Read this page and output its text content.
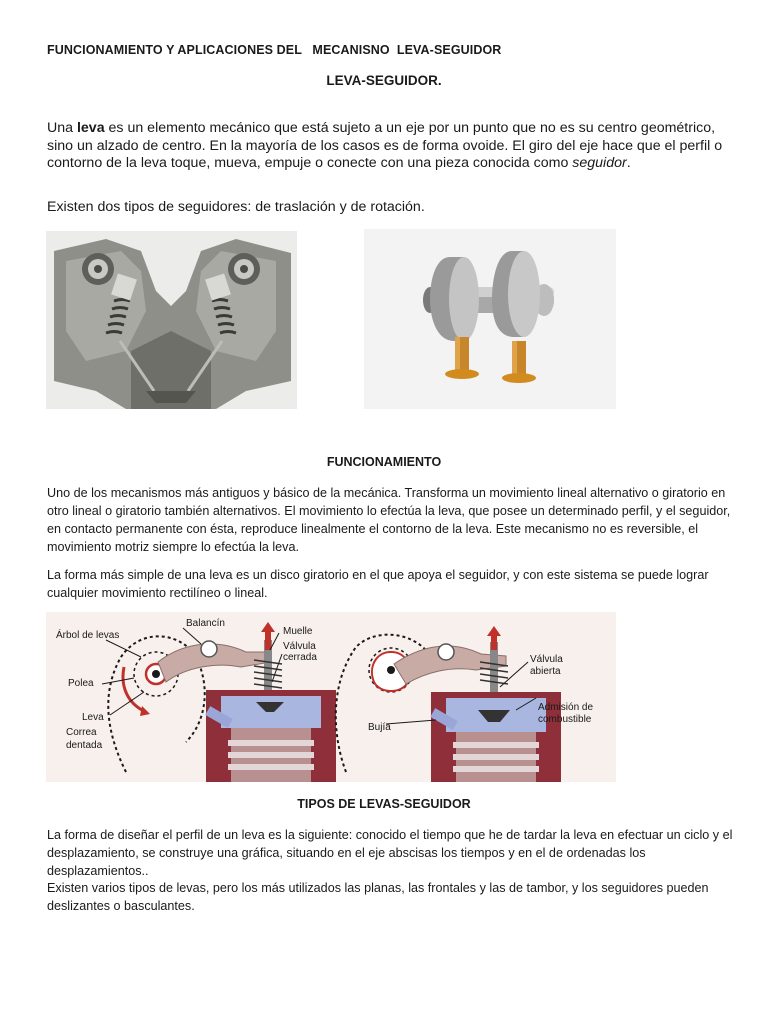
FUNCIONAMIENTO Y APLICACIONES DEL   MECANISNO  LEVA-SEGUIDOR
LEVA-SEGUIDOR.
Una leva es un elemento mecánico que está sujeto a un eje por un punto que no es su centro geométrico, sino un alzado de centro. En la mayoría de los casos es de forma ovoide. El giro del eje hace que el perfil o contorno de la leva toque, mueva, empuje o conecte con una pieza conocida como seguidor.
Existen dos tipos de seguidores: de traslación y de rotación.
FUNCIONAMIENTO
Uno de los mecanismos más antiguos y básico de la mecánica. Transforma un movimiento lineal alternativo o giratorio en otro lineal o giratorio también alternativos. El movimiento lo efectúa la leva, que posee un determinado perfil, y el seguidor, en contacto permanente con ésta, reproduce linealmente el contorno de la leva. Este mecanismo no es reversible, el movimiento motriz siempre lo efectúa la leva.
La forma más simple de una leva es un disco giratorio en el que apoya el seguidor, y con este sistema se puede lograr cualquier movimiento rectilíneo o lineal.
Árbol de levas
Balancín
Muelle
Válvula
cerrada
Polea
Leva
Correa
dentada
Válvula
abierta
Admisión de
combustible
Bujía
TIPOS DE LEVAS-SEGUIDOR
La forma de diseñar el perfil de un leva es la siguiente: conocido el tiempo que he de tardar la leva en efectuar un ciclo y el desplazamiento, se construye una gráfica, situando en el eje abscisas los tiempos y en el de ordenadas los desplazamientos..
Existen varios tipos de levas, pero los más utilizados las planas, las frontales y las de tambor, y los seguidores pueden deslizantes o basculantes.
